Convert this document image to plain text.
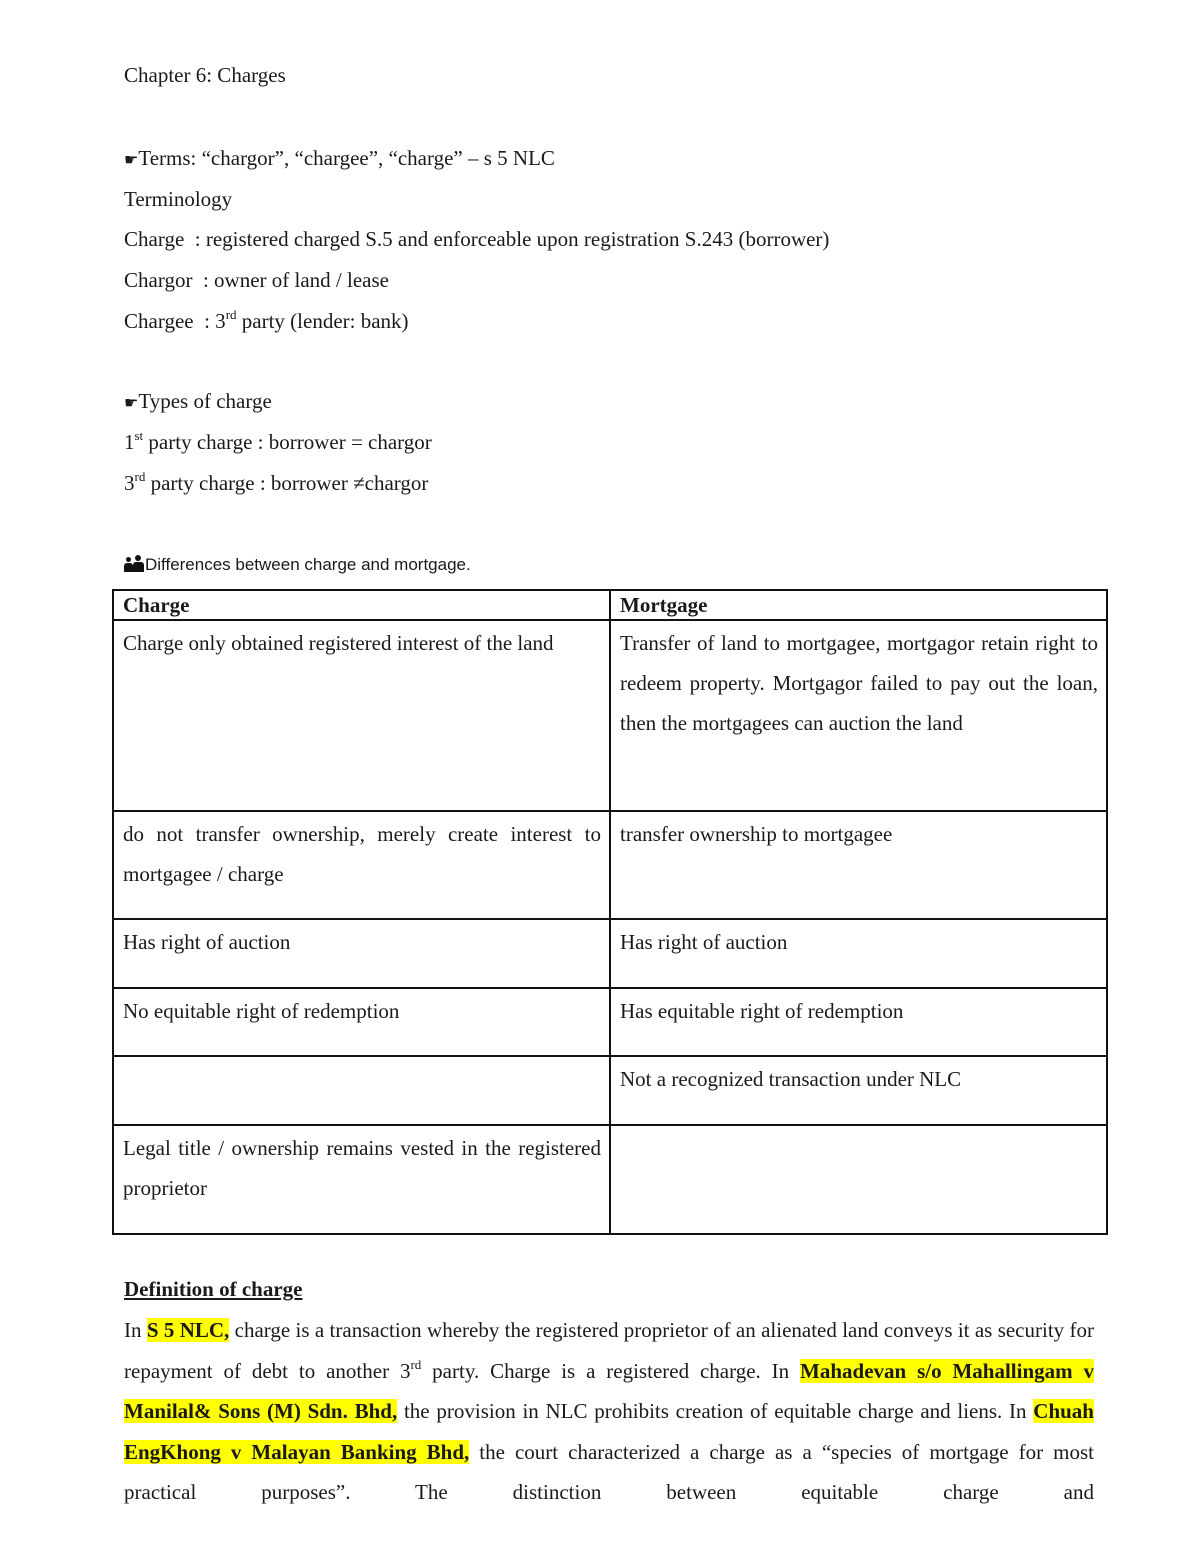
Chapter 6: Charges
☛Terms: “chargor”, “chargee”, “charge” – s 5 NLC
Terminology
Charge : registered charged S.5 and enforceable upon registration S.243 (borrower)
Chargor : owner of land / lease
Chargee : 3rd party (lender: bank)
☛Types of charge
1st party charge : borrower = chargor
3rd party charge : borrower ≠chargor
Differences between charge and mortgage.
Charge	Mortgage
Charge only obtained registered interest of the land	Transfer of land to mortgagee, mortgagor retain right to redeem property. Mortgagor failed to pay out the loan, then the mortgagees can auction the land
do not transfer ownership, merely create interest to mortgagee / charge	transfer ownership to mortgagee
Has right of auction	Has right of auction
No equitable right of redemption	Has equitable right of redemption
	Not a recognized transaction under NLC
Legal title / ownership remains vested in the registered proprietor	
Definition of charge
In S 5 NLC, charge is a transaction whereby the registered proprietor of an alienated land conveys it as security for repayment of debt to another 3rd party. Charge is a registered charge. In Mahadevan s/o Mahallingam v Manilal& Sons (M) Sdn. Bhd, the provision in NLC prohibits creation of equitable charge and liens. In Chuah EngKhong v Malayan Banking Bhd, the court characterized a charge as a “species of mortgage for most practical purposes”. The distinction between equitable charge and
